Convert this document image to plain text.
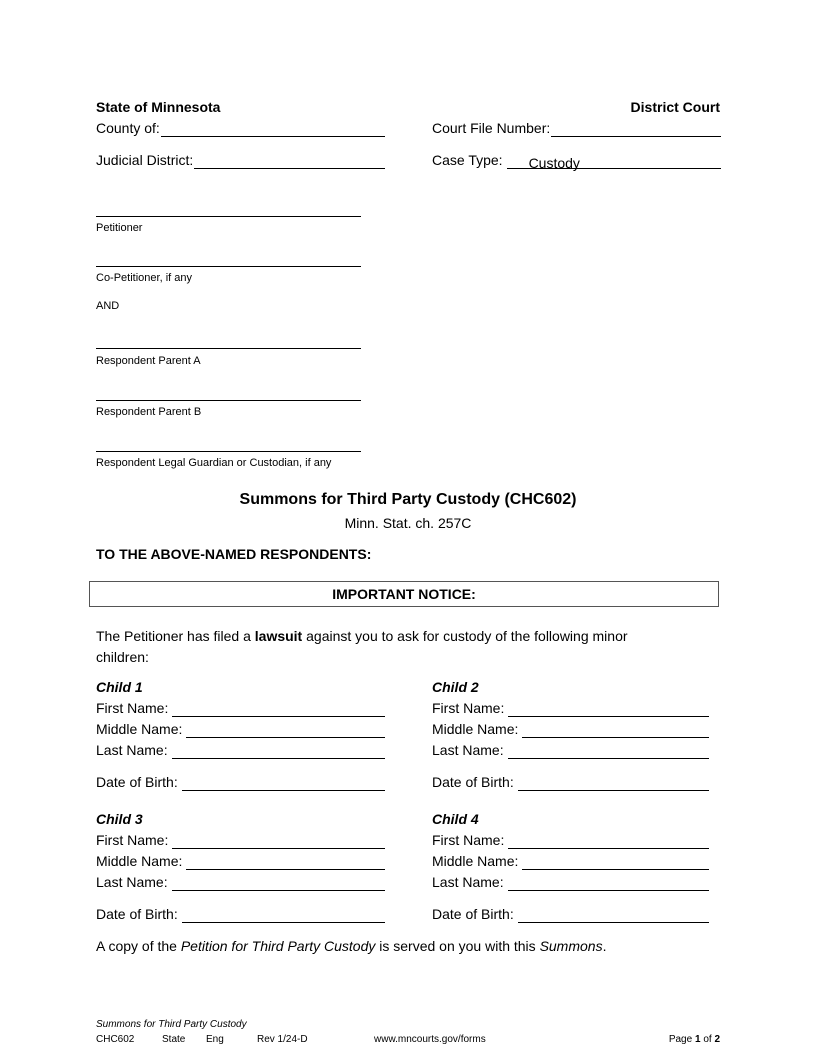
State of Minnesota	District Court
County of:	Court File Number:
Judicial District:	Case Type:	Custody
Petitioner
Co-Petitioner, if any
AND
Respondent Parent A
Respondent Parent B
Respondent Legal Guardian or Custodian, if any
Summons for Third Party Custody (CHC602)
Minn. Stat. ch. 257C
TO THE ABOVE-NAMED RESPONDENTS:
IMPORTANT NOTICE:
The Petitioner has filed a lawsuit against you to ask for custody of the following minor
children:
Child 1
First Name:
Middle Name:
Last Name:
Date of Birth:
Child 2
First Name:
Middle Name:
Last Name:
Date of Birth:
Child 3
First Name:
Middle Name:
Last Name:
Date of Birth:
Child 4
First Name:
Middle Name:
Last Name:
Date of Birth:
A copy of the Petition for Third Party Custody is served on you with this Summons.
Summons for Third Party Custody
CHC602	State Eng	Rev 1/24-D	www.mncourts.gov/forms	Page 1 of 2
